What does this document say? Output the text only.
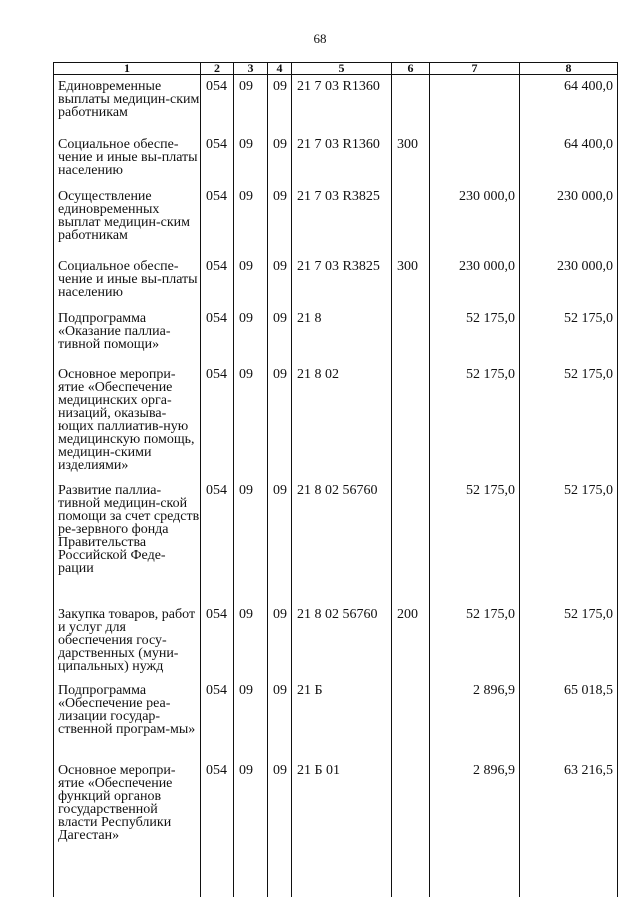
68
1	2	3	4	5	6	7	8
Единовременные выплаты медицин-ским работникам	054	09	09	21 7 03 R1360			64 400,0
Социальное обеспе-чение и иные вы-платы населению	054	09	09	21 7 03 R1360	300		64 400,0
Осуществление единовременных выплат медицин-ским работникам	054	09	09	21 7 03 R3825		230 000,0	230 000,0
Социальное обеспе-чение и иные вы-платы населению	054	09	09	21 7 03 R3825	300	230 000,0	230 000,0
Подпрограмма «Оказание паллиа-тивной помощи»	054	09	09	21 8		52 175,0	52 175,0
Основное меропри-ятие «Обеспечение медицинских орга-низаций, оказыва-ющих паллиатив-ную медицинскую помощь, медицин-скими изделиями»	054	09	09	21 8 02		52 175,0	52 175,0
Развитие паллиа-тивной медицин-ской помощи за счет средств ре-зервного фонда Правительства Российской Феде-рации	054	09	09	21 8 02 56760		52 175,0	52 175,0
Закупка товаров, работ и услуг для обеспечения госу-дарственных (муни-ципальных) нужд	054	09	09	21 8 02 56760	200	52 175,0	52 175,0
Подпрограмма «Обеспечение реа-лизации государ-ственной програм-мы»	054	09	09	21 Б		2 896,9	65 018,5
Основное меропри-ятие «Обеспечение функций органов государственной власти Республики Дагестан»	054	09	09	21 Б 01		2 896,9	63 216,5
